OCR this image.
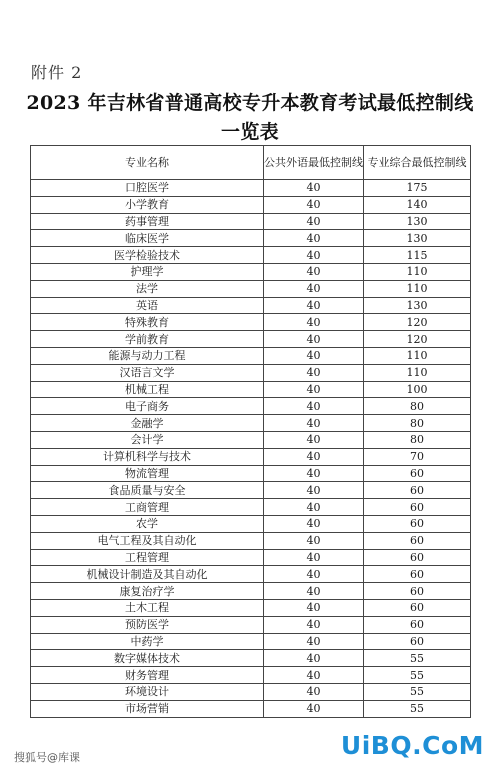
附件 2
2023 年吉林省普通高校专升本教育考试最低控制线
一览表
专业名称	公共外语最低控制线	专业综合最低控制线
口腔医学	40	175
小学教育	40	140
药事管理	40	130
临床医学	40	130
医学检验技术	40	115
护理学	40	110
法学	40	110
英语	40	130
特殊教育	40	120
学前教育	40	120
能源与动力工程	40	110
汉语言文学	40	110
机械工程	40	100
电子商务	40	80
金融学	40	80
会计学	40	80
计算机科学与技术	40	70
物流管理	40	60
食品质量与安全	40	60
工商管理	40	60
农学	40	60
电气工程及其自动化	40	60
工程管理	40	60
机械设计制造及其自动化	40	60
康复治疗学	40	60
土木工程	40	60
预防医学	40	60
中药学	40	60
数字媒体技术	40	55
财务管理	40	55
环境设计	40	55
市场营销	40	55
搜狐号@库课	UiBQ.CoM
